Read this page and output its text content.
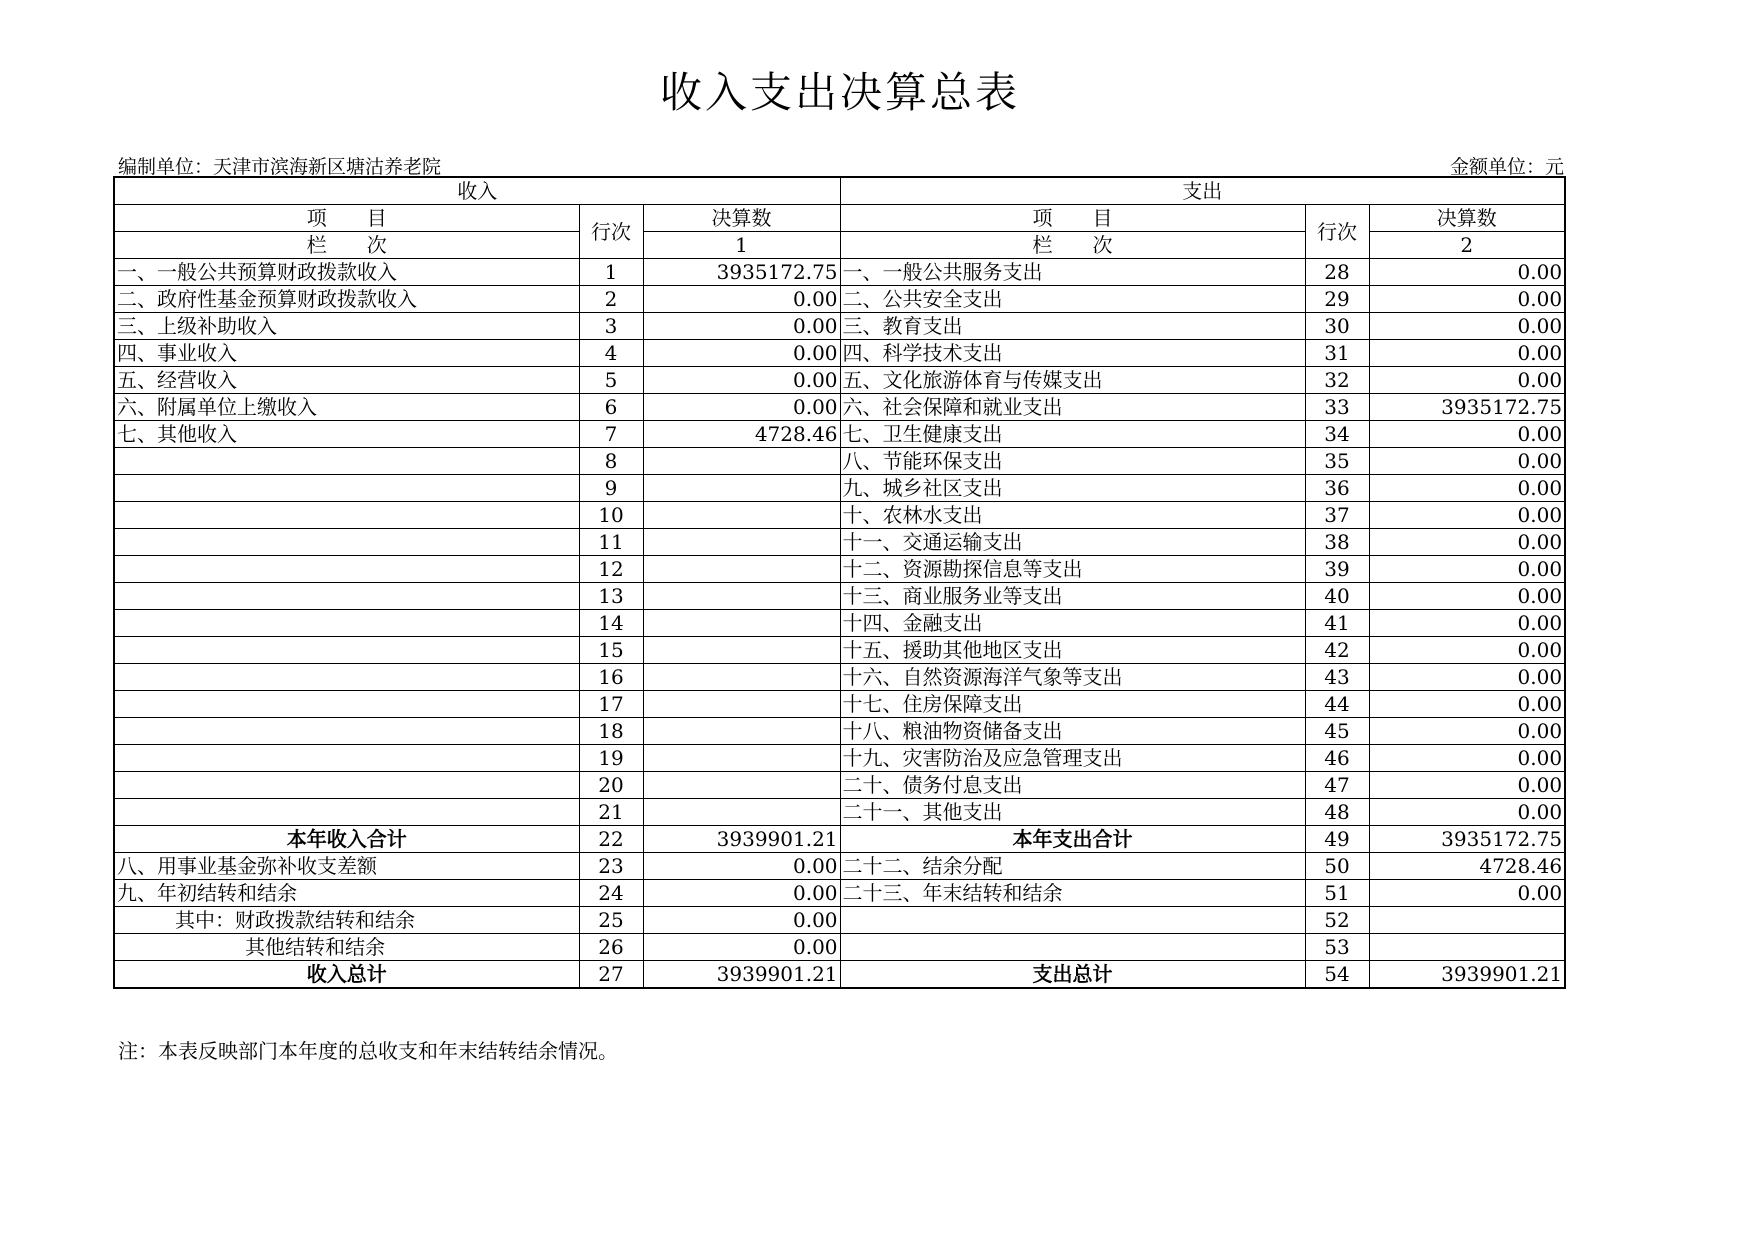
收入支出决算总表
编制单位：天津市滨海新区塘沽养老院	金额单位：元
收入			支出		
项　　目	行次	决算数	项　　目	行次	决算数
栏　　次		1	栏　　次		2
一、一般公共预算财政拨款收入	1	3935172.75	一、一般公共服务支出	28	0.00
二、政府性基金预算财政拨款收入	2	0.00	二、公共安全支出	29	0.00
三、上级补助收入	3	0.00	三、教育支出	30	0.00
四、事业收入	4	0.00	四、科学技术支出	31	0.00
五、经营收入	5	0.00	五、文化旅游体育与传媒支出	32	0.00
六、附属单位上缴收入	6	0.00	六、社会保障和就业支出	33	3935172.75
七、其他收入	7	4728.46	七、卫生健康支出	34	0.00
	8		八、节能环保支出	35	0.00
	9		九、城乡社区支出	36	0.00
	10		十、农林水支出	37	0.00
	11		十一、交通运输支出	38	0.00
	12		十二、资源勘探信息等支出	39	0.00
	13		十三、商业服务业等支出	40	0.00
	14		十四、金融支出	41	0.00
	15		十五、援助其他地区支出	42	0.00
	16		十六、自然资源海洋气象等支出	43	0.00
	17		十七、住房保障支出	44	0.00
	18		十八、粮油物资储备支出	45	0.00
	19		十九、灾害防治及应急管理支出	46	0.00
	20		二十、债务付息支出	47	0.00
	21		二十一、其他支出	48	0.00
本年收入合计	22	3939901.21	本年支出合计	49	3935172.75
八、用事业基金弥补收支差额	23	0.00	二十二、结余分配	50	4728.46
九、年初结转和结余	24	0.00	二十三、年末结转和结余	51	0.00
其中：财政拨款结转和结余	25	0.00		52	
其他结转和结余	26	0.00		53	
收入总计	27	3939901.21	支出总计	54	3939901.21
注：本表反映部门本年度的总收支和年末结转结余情况。
